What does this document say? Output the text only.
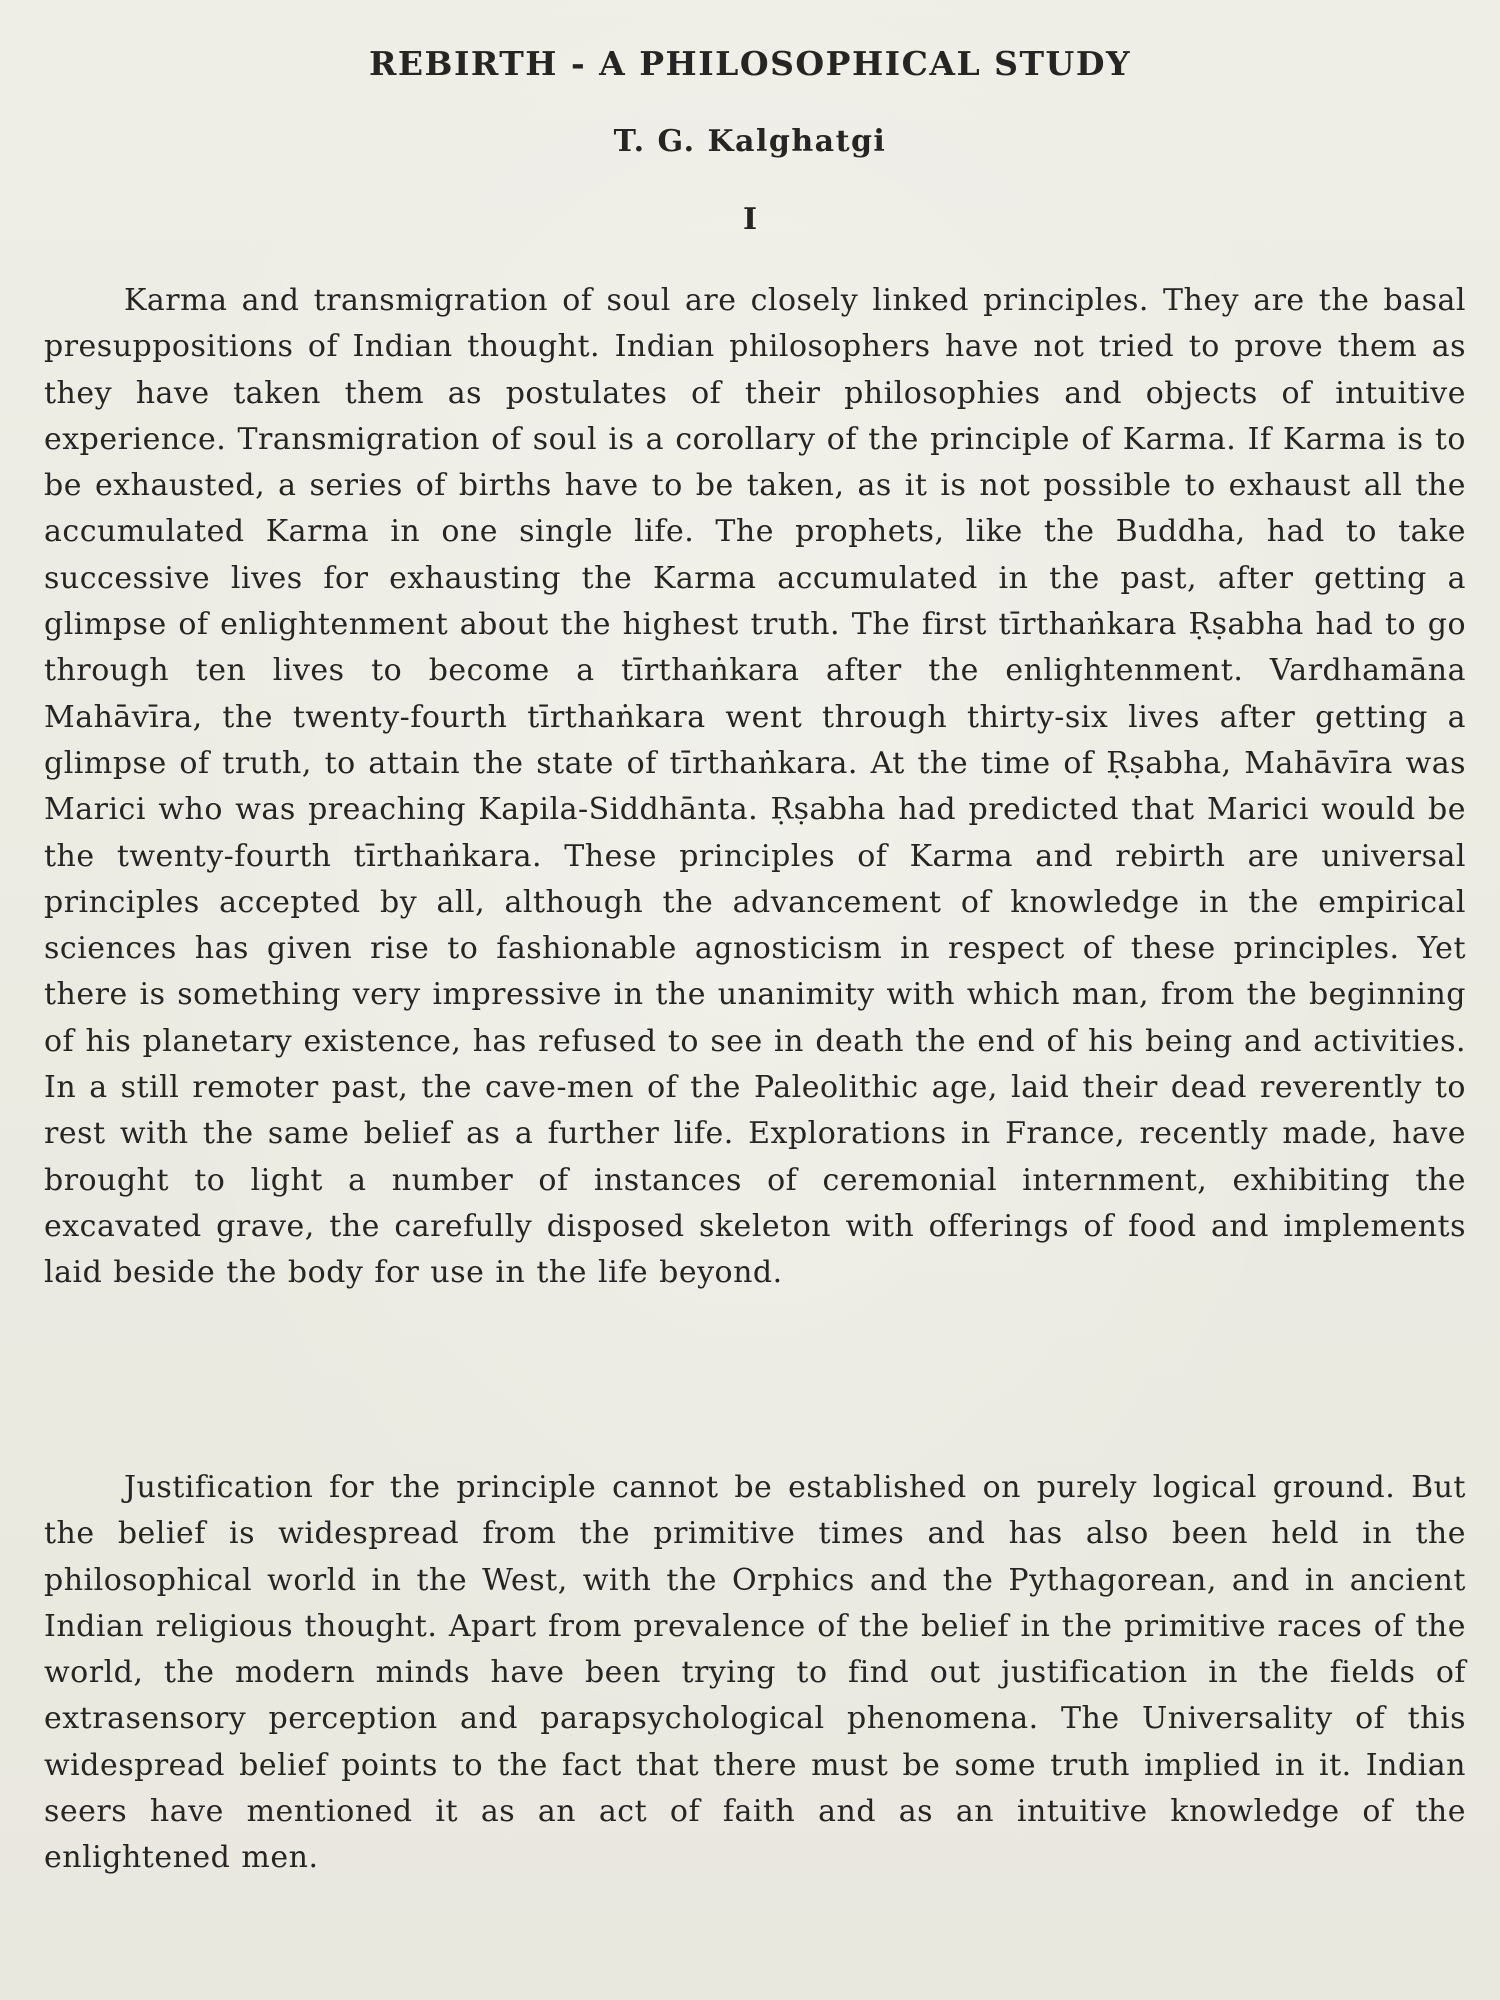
REBIRTH - A PHILOSOPHICAL STUDY
T. G. Kalghatgi
I

Karma and transmigration of soul are closely linked principles. They are the basal presuppositions of Indian thought. Indian philosophers have not tried to prove them as they have taken them as postulates of their philosophies and objects of intuitive experience. Transmigration of soul is a corollary of the principle of Karma. If Karma is to be exhausted, a series of births have to be taken, as it is not possible to exhaust all the accumulated Karma in one single life. The prophets, like the Buddha, had to take successive lives for exhausting the Karma accumulated in the past, after getting a glimpse of enlightenment about the highest truth. The first tīrthaṅkara Ṛṣabha had to go through ten lives to become a tīrthaṅkara after the enlightenment. Vardhamāna Mahāvīra, the twenty-fourth tīrthaṅkara went through thirty-six lives after getting a glimpse of truth, to attain the state of tīrthaṅkara. At the time of Ṛṣabha, Mahāvīra was Marici who was preaching Kapila-Siddhānta. Ṛṣabha had predicted that Marici would be the twenty-fourth tīrthaṅkara. These principles of Karma and rebirth are universal principles accepted by all, although the advancement of knowledge in the empirical sciences has given rise to fashionable agnosticism in respect of these principles. Yet there is something very impressive in the unanimity with which man, from the beginning of his planetary existence, has refused to see in death the end of his being and activities. In a still remoter past, the cave-men of the Paleolithic age, laid their dead reverently to rest with the same belief as a further life. Explorations in France, recently made, have brought to light a number of instances of ceremonial internment, exhibiting the excavated grave, the carefully disposed skeleton with offerings of food and implements laid beside the body for use in the life beyond.

Justification for the principle cannot be established on purely logical ground. But the belief is widespread from the primitive times and has also been held in the philosophical world in the West, with the Orphics and the Pythagorean, and in ancient Indian religious thought. Apart from prevalence of the belief in the primitive races of the world, the modern minds have been trying to find out justification in the fields of extrasensory perception and parapsychological phenomena. The Universality of this widespread belief points to the fact that there must be some truth implied in it. Indian seers have mentioned it as an act of faith and as an intuitive knowledge of the enlightened men.
